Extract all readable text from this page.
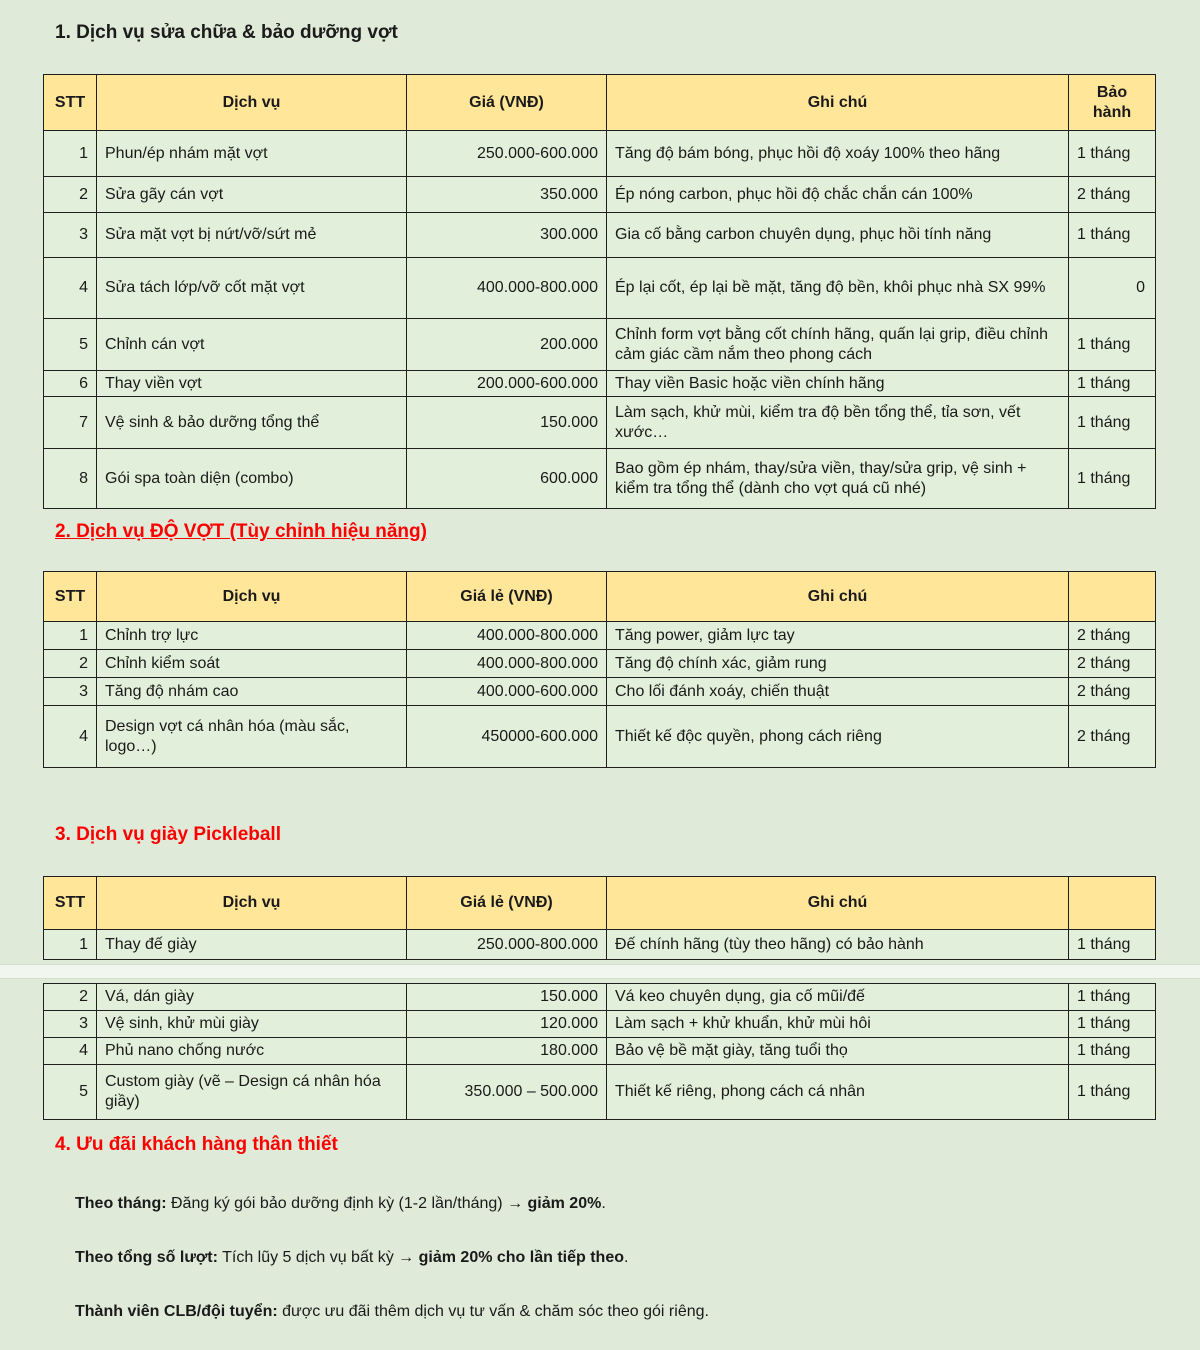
1. Dịch vụ sửa chữa & bảo dưỡng vợt
STT	Dịch vụ	Giá (VNĐ)	Ghi chú	Bảo hành
1	Phun/ép nhám mặt vợt	250.000-600.000	Tăng độ bám bóng, phục hồi độ xoáy 100% theo hãng	1 tháng
2	Sửa gãy cán vợt	350.000	Ép nóng carbon, phục hồi độ chắc chắn cán 100%	2 tháng
3	Sửa mặt vợt bị nứt/vỡ/sứt mẻ	300.000	Gia cố bằng carbon chuyên dụng, phục hồi tính năng	1 tháng
4	Sửa tách lớp/vỡ cốt mặt vợt	400.000-800.000	Ép lại cốt, ép lại bề mặt, tăng độ bền, khôi phục nhà SX 99%	0
5	Chỉnh cán vợt	200.000	Chỉnh form vợt bằng cốt chính hãng, quấn lại grip, điều chỉnh cảm giác cầm nắm theo phong cách	1 tháng
6	Thay viền vợt	200.000-600.000	Thay viền Basic hoặc viền chính hãng	1 tháng
7	Vệ sinh & bảo dưỡng tổng thể	150.000	Làm sạch, khử mùi, kiểm tra độ bền tổng thể, tỉa sơn, vết xước…	1 tháng
8	Gói spa toàn diện (combo)	600.000	Bao gồm ép nhám, thay/sửa viền, thay/sửa grip, vệ sinh + kiểm tra tổng thể (dành cho vợt quá cũ nhé)	1 tháng
2. Dịch vụ ĐỘ VỢT (Tùy chỉnh hiệu năng)
STT	Dịch vụ	Giá lẻ (VNĐ)	Ghi chú	
1	Chỉnh trợ lực	400.000-800.000	Tăng power, giảm lực tay	2 tháng
2	Chỉnh kiểm soát	400.000-800.000	Tăng độ chính xác, giảm rung	2 tháng
3	Tăng độ nhám cao	400.000-600.000	Cho lối đánh xoáy, chiến thuật	2 tháng
4	Design vợt cá nhân hóa (màu sắc, logo…)	450000-600.000	Thiết kế độc quyền, phong cách riêng	2 tháng
3. Dịch vụ giày Pickleball
STT	Dịch vụ	Giá lẻ (VNĐ)	Ghi chú	
1	Thay đế giày	250.000-800.000	Đế chính hãng (tùy theo hãng) có bảo hành	1 tháng
2	Vá, dán giày	150.000	Vá keo chuyên dụng, gia cố mũi/đế	1 tháng
3	Vệ sinh, khử mùi giày	120.000	Làm sạch + khử khuẩn, khử mùi hôi	1 tháng
4	Phủ nano chống nước	180.000	Bảo vệ bề mặt giày, tăng tuổi thọ	1 tháng
5	Custom giày (vẽ – Design cá nhân hóa giầy)	350.000 – 500.000	Thiết kế riêng, phong cách cá nhân	1 tháng
4. Ưu đãi khách hàng thân thiết

Theo tháng: Đăng ký gói bảo dưỡng định kỳ (1-2 lần/tháng) → giảm 20%.

Theo tổng số lượt: Tích lũy 5 dịch vụ bất kỳ → giảm 20% cho lần tiếp theo.

Thành viên CLB/đội tuyển: được ưu đãi thêm dịch vụ tư vấn & chăm sóc theo gói riêng.
